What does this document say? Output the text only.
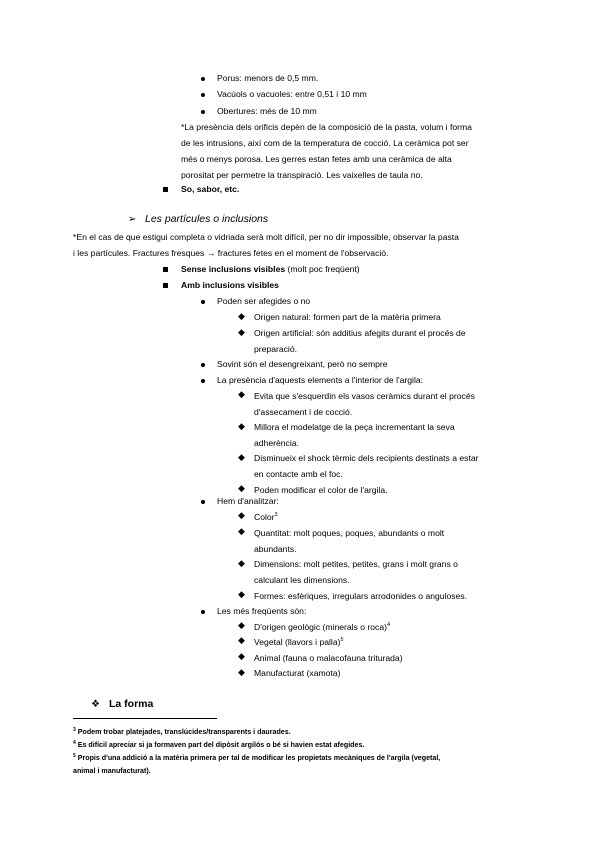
Porus: menors de 0,5 mm.
Vacúols o vacuoles: entre 0,51 i 10 mm
Obertures: més de 10 mm
*La presència dels orificis depèn de la composició de la pasta, volum i forma
de les intrusions, així com de la temperatura de cocció. La ceràmica pot ser
més o menys porosa. Les gerres estan fetes amb una ceràmica de alta
porositat per permetre la transpiració. Les vaixelles de taula no.
So, sabor, etc.
➢ Les partícules o inclusions
*En el cas de que estigui completa o vidriada serà molt difícil, per no dir impossible, observar la pasta
i les partícules. Fractures fresques → fractures fetes en el moment de l'observació.
Sense inclusions visibles (molt poc freqüent)
Amb inclusions visibles
Poden ser afegides o no
◆ Origen natural: formen part de la matèria primera
◆ Origen artificial: són additius afegits durant el procés de
preparació.
Sovint són el desengreixant, però no sempre
La presència d'aquests elements a l'interior de l'argila:
◆ Evita que s'esquerdin els vasos ceràmics durant el procés
d'assecament i de cocció.
◆ Millora el modelatge de la peça incrementant la seva
adherència.
◆ Disminueix el shock tèrmic dels recipients destinats a estar
en contacte amb el foc.
◆ Poden modificar el color de l'argila.
Hem d'analitzar:
◆ Color$^3$
◆ Quantitat: molt poques, poques, abundants o molt
abundants.
◆ Dimensions: molt petites, petites, grans i molt grans o
calculant les dimensions.
◆ Formes: esfèriques, irregulars arrodonides o anguloses.
Les més freqüents són:
◆ D'origen geològic (minerals o roca)$^4$
◆ Vegetal (llavors i palla)$^5$
◆ Animal (fauna o malacofauna triturada)
◆ Manufacturat (xamota)
❖ La forma
$^3$ Podem trobar platejades, translúcides/transparents i daurades.
$^4$ Es difícil apreciar si ja formaven part del dipòsit argilós o bé si havien estat afegides.
$^5$ Propis d'una addició a la matèria primera per tal de modificar les propietats mecàniques de l'argila (vegetal,
animal i manufacturat).
